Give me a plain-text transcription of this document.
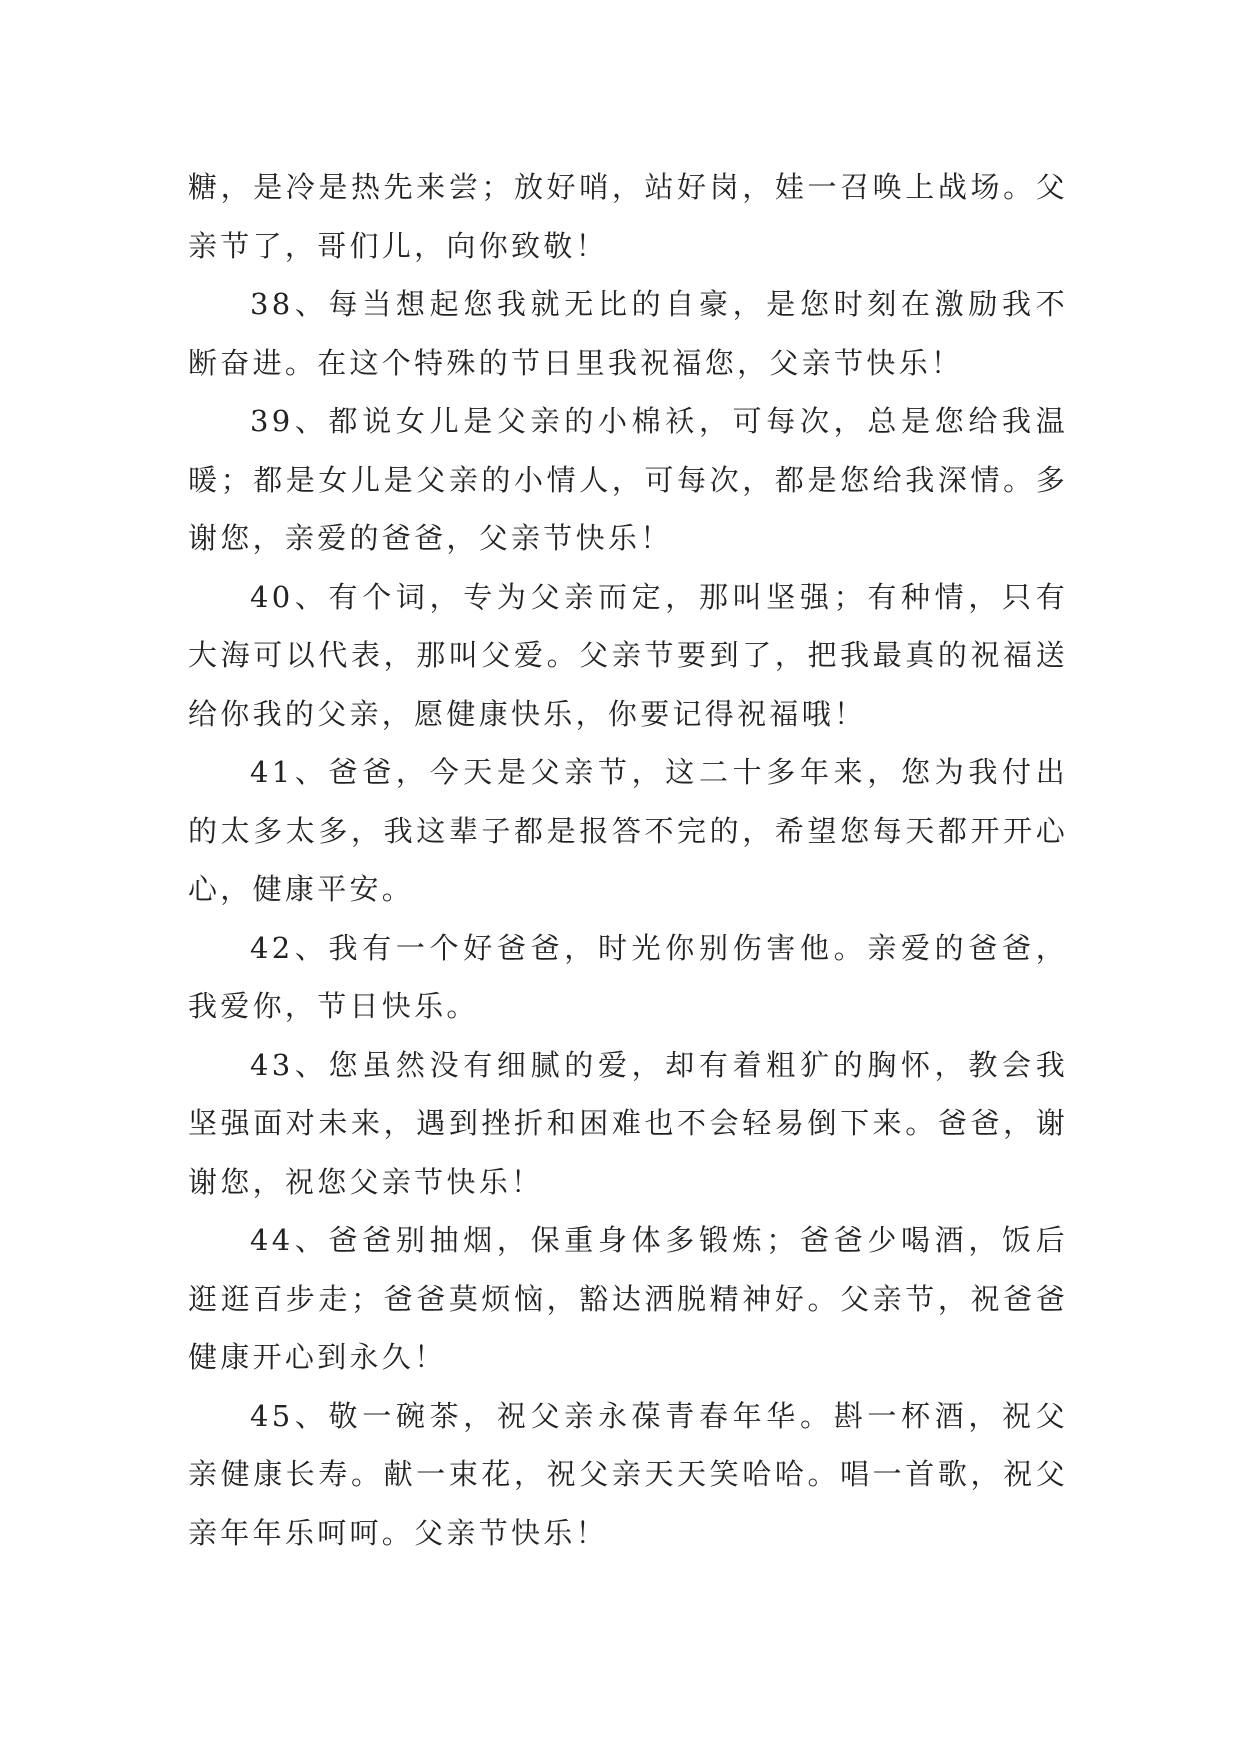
糖，是冷是热先来尝；放好哨，站好岗，娃一召唤上战场。父亲节了，哥们儿，向你致敬！

38、每当想起您我就无比的自豪，是您时刻在激励我不断奋进。在这个特殊的节日里我祝福您，父亲节快乐！

39、都说女儿是父亲的小棉袄，可每次，总是您给我温暖；都是女儿是父亲的小情人，可每次，都是您给我深情。多谢您，亲爱的爸爸，父亲节快乐！

40、有个词，专为父亲而定，那叫坚强；有种情，只有大海可以代表，那叫父爱。父亲节要到了，把我最真的祝福送给你我的父亲，愿健康快乐，你要记得祝福哦！

41、爸爸，今天是父亲节，这二十多年来，您为我付出的太多太多，我这辈子都是报答不完的，希望您每天都开开心心，健康平安。

42、我有一个好爸爸，时光你别伤害他。亲爱的爸爸，我爱你，节日快乐。

43、您虽然没有细腻的爱，却有着粗犷的胸怀，教会我坚强面对未来，遇到挫折和困难也不会轻易倒下来。爸爸，谢谢您，祝您父亲节快乐！

44、爸爸别抽烟，保重身体多锻炼；爸爸少喝酒，饭后逛逛百步走；爸爸莫烦恼，豁达洒脱精神好。父亲节，祝爸爸健康开心到永久！

45、敬一碗茶，祝父亲永葆青春年华。斟一杯酒，祝父亲健康长寿。献一束花，祝父亲天天笑哈哈。唱一首歌，祝父亲年年乐呵呵。父亲节快乐！
